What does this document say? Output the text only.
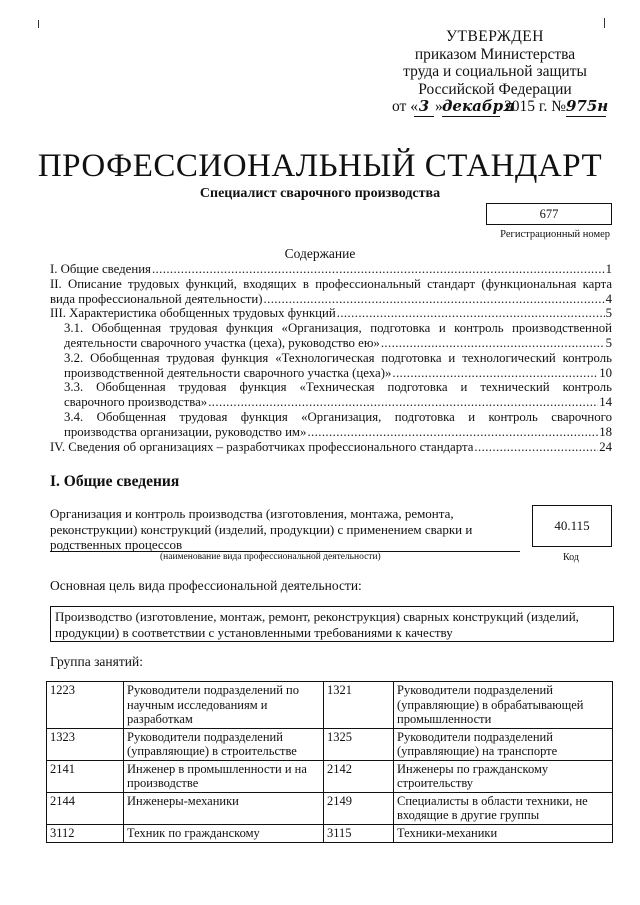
УТВЕРЖДЕН
приказом Министерства
труда и социальной защиты
Российской Федерации
от « 3 » декабря
2015 г. № 975н
ПРОФЕССИОНАЛЬНЫЙ СТАНДАРТ
Специалист сварочного производства
677
Регистрационный номер
Содержание
I. Общие сведения .....	1
II. Описание трудовых функций, входящих в профессиональный стандарт (функциональная карта
вида профессиональной деятельности) .....	4
III. Характеристика обобщенных трудовых функций .....	5
3.1. Обобщенная трудовая функция «Организация, подготовка и контроль производственной
деятельности сварочного участка (цеха), руководство ею» .....	5
3.2. Обобщенная трудовая функция «Технологическая подготовка и технологический контроль
производственной деятельности сварочного участка (цеха)» .....	10
3.3. Обобщенная трудовая функция «Техническая подготовка и технический контроль
сварочного производства» .....	14
3.4. Обобщенная трудовая функция «Организация, подготовка и контроль сварочного
производства организации, руководство им» .....	18
IV. Сведения об организациях – разработчиках профессионального стандарта .....	24
I. Общие сведения
Организация и контроль производства (изготовления, монтажа, ремонта,
реконструкции) конструкций (изделий, продукции) с применением сварки и
родственных процессов
40.115
(наименование вида профессиональной деятельности)	Код
Основная цель вида профессиональной деятельности:
Производство (изготовление, монтаж, ремонт, реконструкция) сварных конструкций (изделий,
продукции) в соответствии с установленными требованиями к качеству
Группа занятий:
1223	Руководители подразделений по научным исследованиям и разработкам	1321	Руководители подразделений (управляющие) в обрабатывающей промышленности
1323	Руководители подразделений (управляющие) в строительстве	1325	Руководители подразделений (управляющие) на транспорте
2141	Инженер в промышленности и на производстве	2142	Инженеры по гражданскому строительству
2144	Инженеры-механики	2149	Специалисты в области техники, не входящие в другие группы
3112	Техник по гражданскому	3115	Техники-механики
